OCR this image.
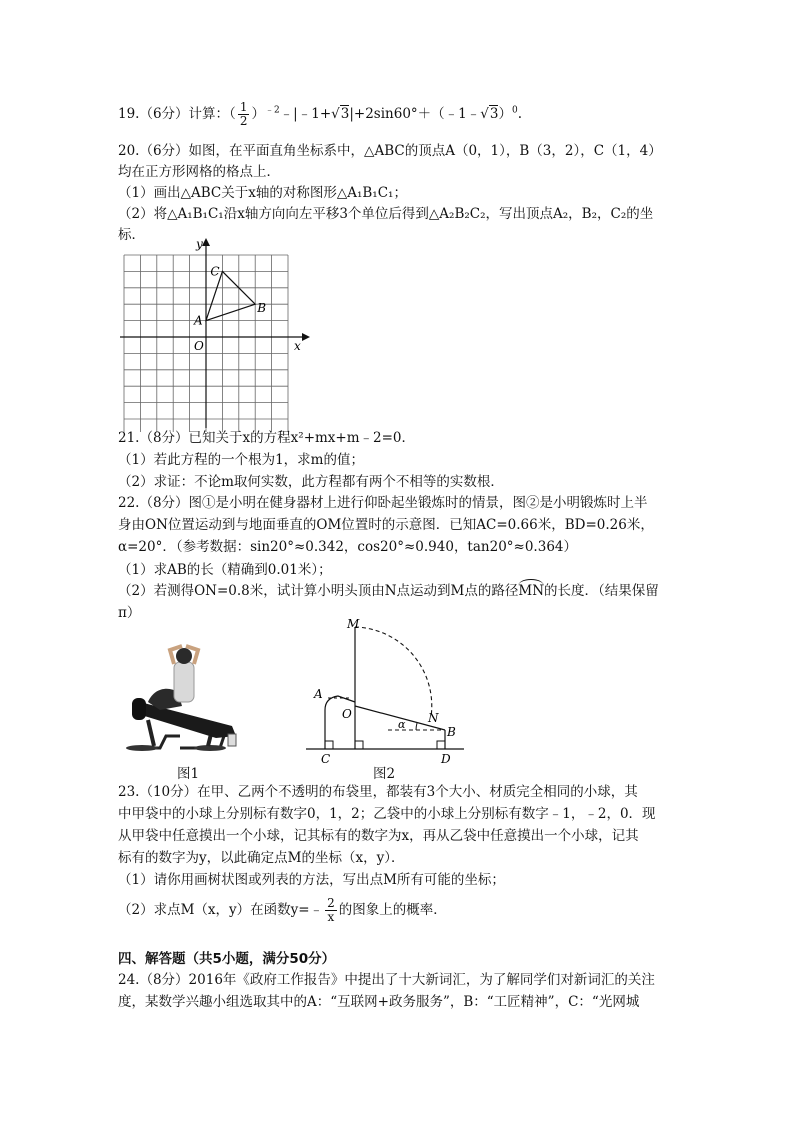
19.（6分）计算：（ $\frac{1}{2}$ ）$^{﹣2}$﹣|﹣1+√3|+2sin60°＋（﹣1﹣√3）$^0$.
20.（6分）如图，在平面直角坐标系中，△ABC的顶点A（0，1），B（3，2），C（1，4）
均在正方形网格的格点上．
（1）画出△ABC关于x轴的对称图形△A₁B₁C₁；
（2）将△A₁B₁C₁沿x轴方向向左平移3个单位后得到△A₂B₂C₂，写出顶点A₂，B₂，C₂的坐
标．
y
x
O
A
B
C
21.（8分）已知关于x的方程x²+mx+m﹣2=0．
（1）若此方程的一个根为1，求m的值；
（2）求证：不论m取何实数，此方程都有两个不相等的实数根．
22.（8分）图①是小明在健身器材上进行仰卧起坐锻炼时的情景，图②是小明锻炼时上半
身由ON位置运动到与地面垂直的OM位置时的示意图．已知AC=0.66米，BD=0.26米，
α=20°．（参考数据：sin20°≈0.342，cos20°≈0.940，tan20°≈0.364）
（1）求AB的长（精确到0.01米）；
（2）若测得ON=0.8米，试计算小明头顶由N点运动到M点的路径MN的长度．（结果保留
π）
图1
M
A
O	N
α
B
C	D
图2
23.（10分）在甲、乙两个不透明的布袋里，都装有3个大小、材质完全相同的小球，其
中甲袋中的小球上分别标有数字0，1，2；乙袋中的小球上分别标有数字﹣1，﹣2，0．现
从甲袋中任意摸出一个小球，记其标有的数字为x，再从乙袋中任意摸出一个小球，记其
标有的数字为y，以此确定点M的坐标（x，y）．
（1）请你用画树状图或列表的方法，写出点M所有可能的坐标；
（2）求点M（x，y）在函数y=﹣ $\frac{2}{x}$ 的图象上的概率．
四、解答题（共5小题，满分50分）
24.（8分）2016年《政府工作报告》中提出了十大新词汇，为了解同学们对新词汇的关注
度，某数学兴趣小组选取其中的A：“互联网+政务服务”，B：“工匠精神”，C：“光网城
